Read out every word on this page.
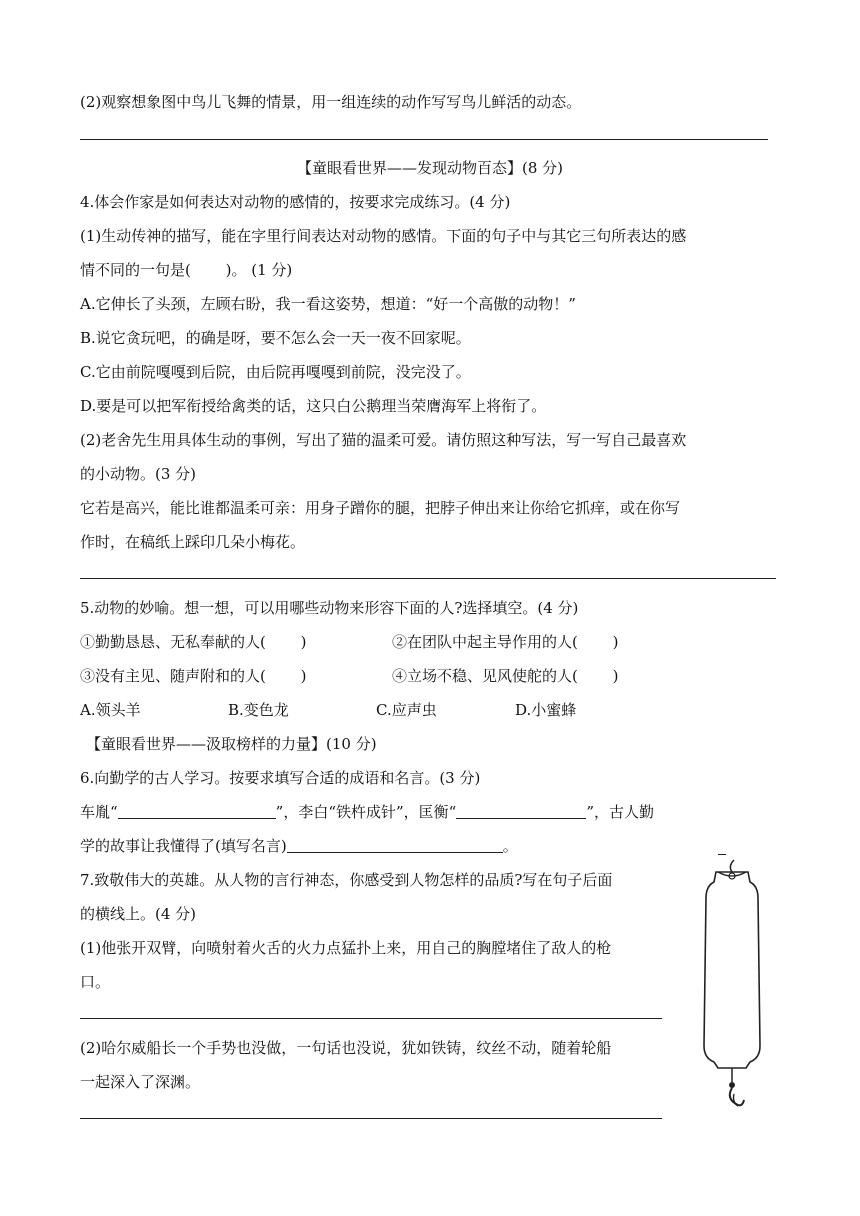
(2)观察想象图中鸟儿飞舞的情景，用一组连续的动作写写鸟儿鲜活的动态。
【童眼看世界——发现动物百态】(8 分)
4.体会作家是如何表达对动物的感情的，按要求完成练习。(4 分)
(1)生动传神的描写，能在字里行间表达对动物的感情。下面的句子中与其它三句所表达的感
情不同的一句是(　　 )。 (1 分)
A.它伸长了头颈，左顾右盼，我一看这姿势，想道：“好一个高傲的动物！”
B.说它贪玩吧，的确是呀，要不怎么会一天一夜不回家呢。
C.它由前院嘎嘎到后院，由后院再嘎嘎到前院，没完没了。
D.要是可以把军衔授给禽类的话，这只白公鹅理当荣膺海军上将衔了。
(2)老舍先生用具体生动的事例，写出了猫的温柔可爱。请仿照这种写法，写一写自己最喜欢
的小动物。(3 分)
它若是高兴，能比谁都温柔可亲：用身子蹭你的腿，把脖子伸出来让你给它抓痒，或在你写
作时，在稿纸上踩印几朵小梅花。
5.动物的妙喻。想一想，可以用哪些动物来形容下面的人?选择填空。(4 分)
①勤勤恳恳、无私奉献的人(　　 )	②在团队中起主导作用的人(　　 )
③没有主见、随声附和的人(　　 )	④立场不稳、见风使舵的人(　　 )
A.领头羊	B.变色龙	C.应声虫	D.小蜜蜂
【童眼看世界——汲取榜样的力量】(10 分)
6.向勤学的古人学习。按要求填写合适的成语和名言。(3 分)
车胤“	”，李白“铁杵成针”，匡衡“	”，古人勤
学的故事让我懂得了(填写名言)	。
7.致敬伟大的英雄。从人物的言行神态，你感受到人物怎样的品质?写在句子后面
的横线上。(4 分)
(1)他张开双臂，向喷射着火舌的火力点猛扑上来，用自己的胸膛堵住了敌人的枪
口。
(2)哈尔威船长一个手势也没做，一句话也没说，犹如铁铸，纹丝不动，随着轮船
一起深入了深渊。
